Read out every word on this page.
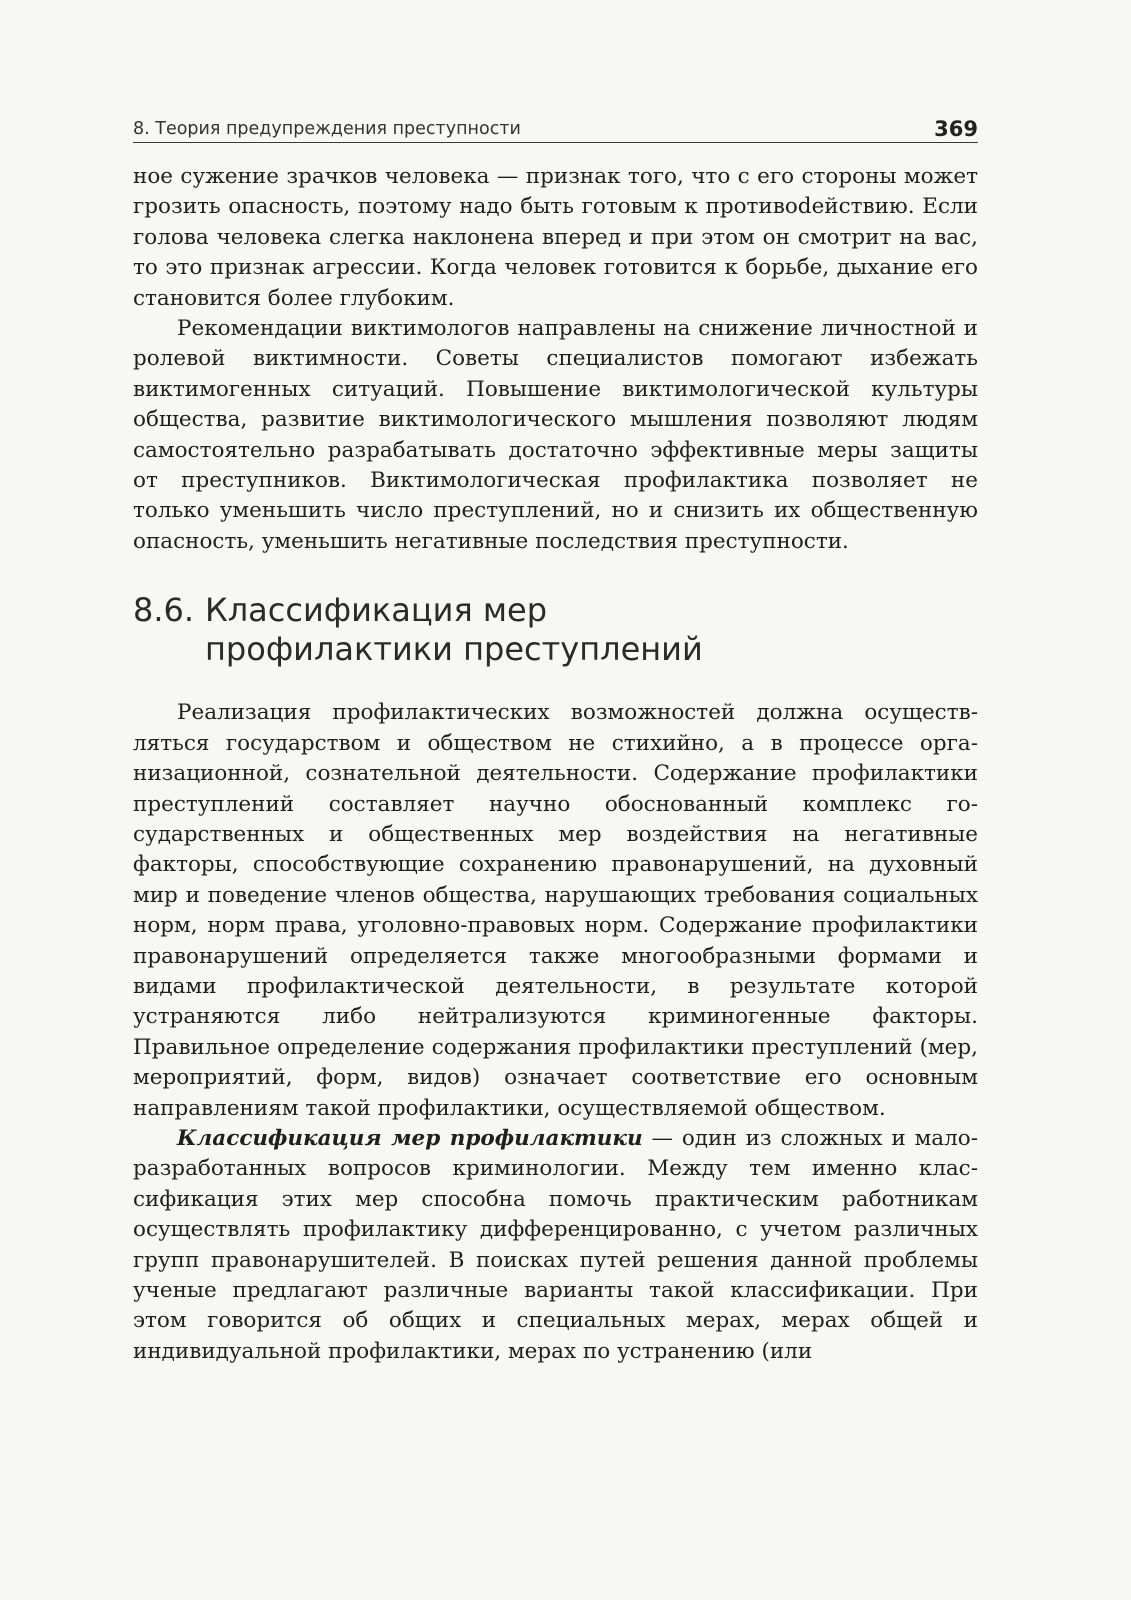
8. Теория предупреждения преступности	369

ное сужение зрачков человека — признак того, что с его стороны может грозить опасность, поэтому надо быть готовым к противоdействию. Если голова человека слегка наклонена вперед и при этом он смотрит на вас, то это признак агрессии. Когда человек готовится к борьбе, дыхание его становится более глубоким.

Рекомендации виктимологов направлены на снижение личностной и ролевой виктимности. Советы специалистов помогают избежать виктимогенных ситуаций. Повышение виктимологической культуры общества, развитие виктимологического мышления позволяют людям самостоятельно разрабатывать достаточно эффективные меры защиты от преступников. Виктимологическая профилактика позволяет не только уменьшить число преступлений, но и снизить их общественную опасность, уменьшить негативные последствия преступности.

8.6. Классификация мер
профилактики преступлений

Реализация профилактических возможностей должна осуществляться государством и обществом не стихийно, а в процессе организационной, сознательной деятельности. Содержание профилактики преступлений составляет научно обоснованный комплекс государственных и общественных мер воздействия на негативные факторы, способствующие сохранению правонарушений, на духовный мир и поведение членов общества, нарушающих требования социальных норм, норм права, уголовно-правовых норм. Содержание профилактики правонарушений определяется также многообразными формами и видами профилактической деятельности, в результате которой устраняются либо нейтрализуются криминогенные факторы. Правильное определение содержания профилактики преступлений (мер, мероприятий, форм, видов) означает соответствие его основным направлениям такой профилактики, осуществляемой обществом.

Классификация мер профилактики — один из сложных и малоразработанных вопросов криминологии. Между тем именно классификация этих мер способна помочь практическим работникам осуществлять профилактику дифференцированно, с учетом различных групп правонарушителей. В поисках путей решения данной проблемы ученые предлагают различные варианты такой классификации. При этом говорится об общих и специальных мерах, мерах общей и индивидуальной профилактики, мерах по устранению (или
